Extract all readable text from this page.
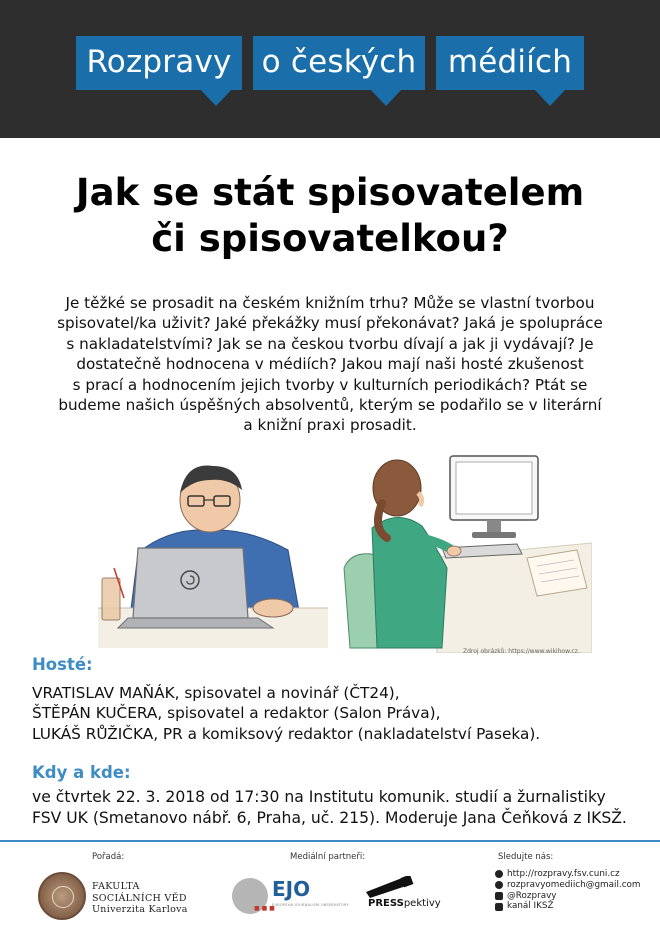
Rozpravy o českých	médiích
Jak se stát spisovatelem
či spisovatelkou?
Je těžké se prosadit na českém knižním trhu? Může se vlastní tvorbou
spisovatel/ka uživit? Jaké překážky musí překonávat? Jaká je spolupráce
s nakladatelstvími? Jak se na českou tvorbu dívají a jak ji vydávají? Je
dostatečně hodnocena v médiích? Jakou mají naši hosté zkušenost
s prací a hodnocením jejich tvorby v kulturních periodikách? Ptát se
budeme našich úspěšných absolventů, kterým se podařilo se v literární
a knižní praxi prosadit.
Zdroj obrázků: https://www.wikihow.cz.
Hosté:
VRATISLAV MAŇÁK, spisovatel a novinář (ČT24),
ŠTĚPÁN KUČERA, spisovatel a redaktor (Salon Práva),
LUKÁŠ RŮŽIČKA, PR a komiksový redaktor (nakladatelství Paseka).
Kdy a kde:
ve čtvrtek 22. 3. 2018 od 17:30 na Institutu komunik. studií a žurnalistiky
FSV UK (Smetanovo nábř. 6, Praha, uč. 215). Moderuje Jana Čeňková z IKSŽ.
Pořadá:
FAKULTA
SOCIÁLNÍCH VĚD
Univerzita Karlova
Mediální partneři:	Sledujte nás:
EJO
EUROPEAN JOURNALISM OBSERVATORY
■ ■ ■	PRESSpektivy
http://rozpravy.fsv.cuni.cz
rozpravyomediich@gmail.com
@Rozpravy
kanál IKSŽ
